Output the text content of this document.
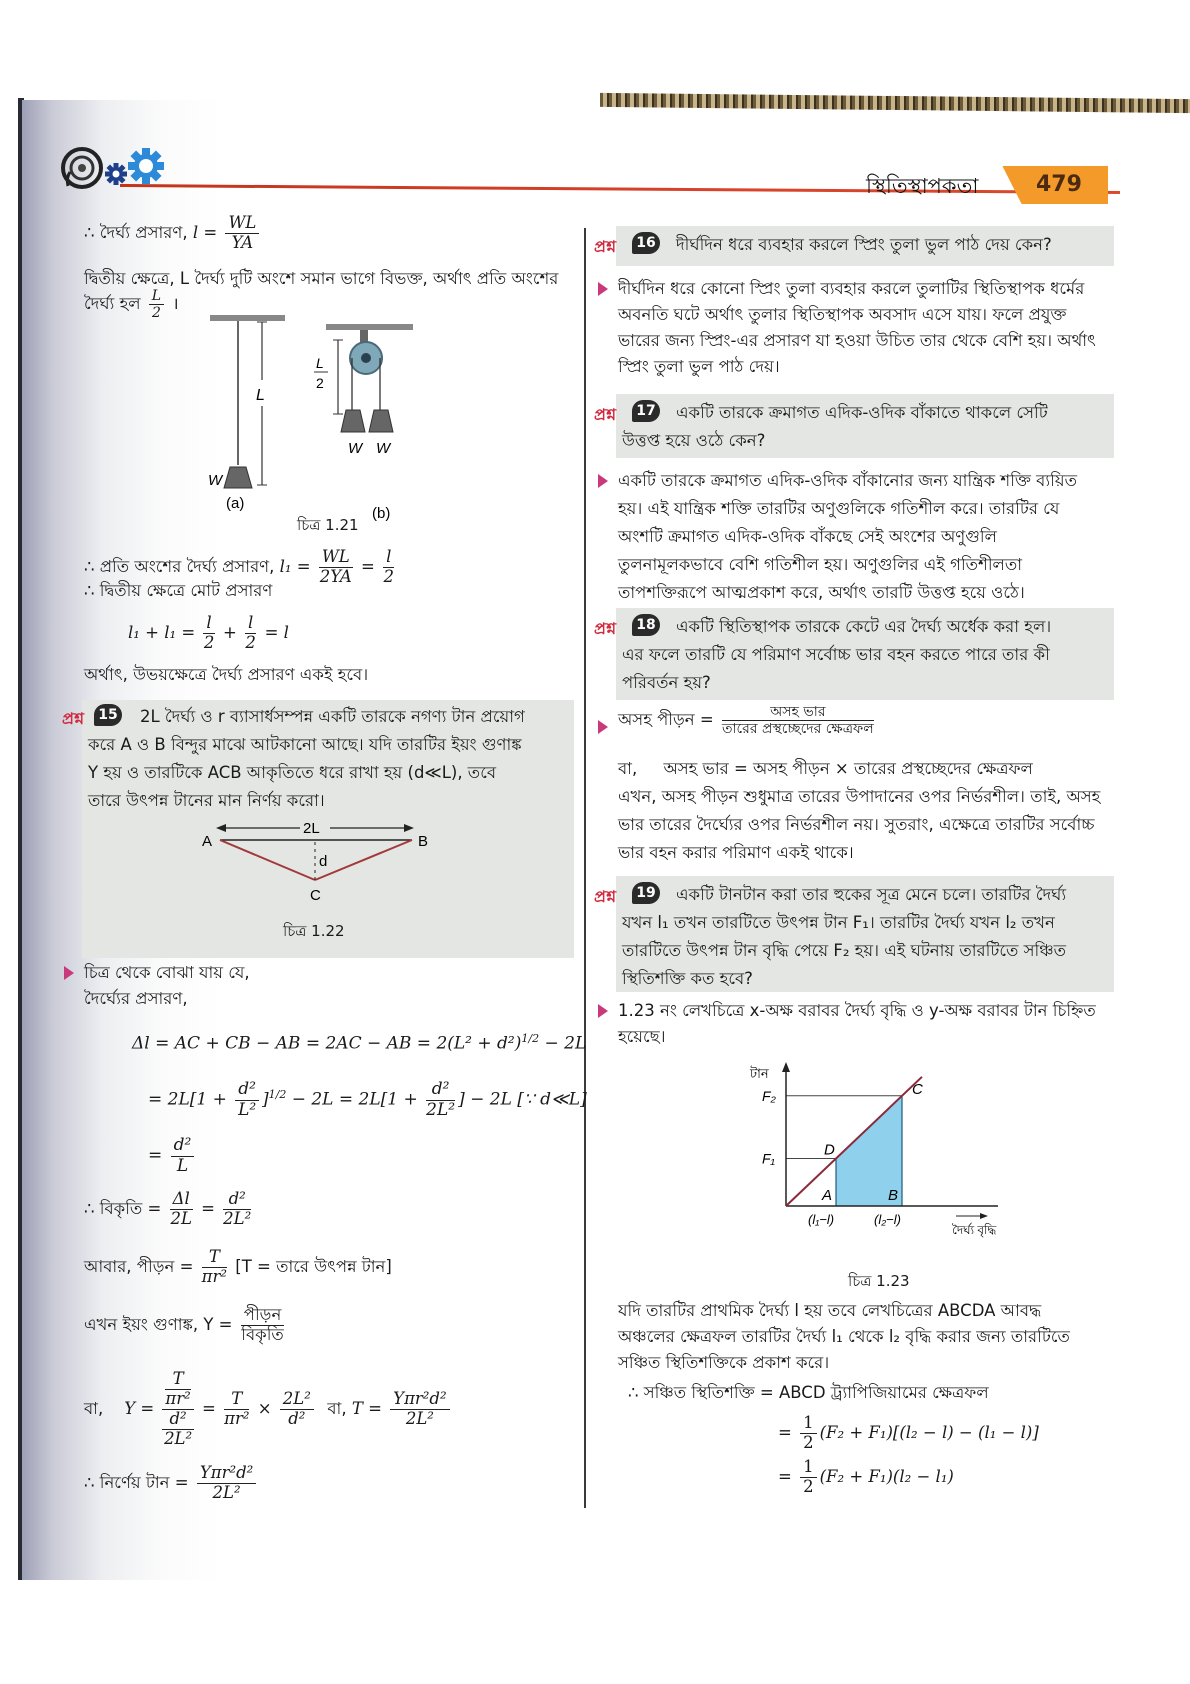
স্থিতিস্থাপকতা	479
∴ দৈর্ঘ্য প্রসারণ, $l = \frac{WL}{YA}$
দ্বিতীয় ক্ষেত্রে, L দৈর্ঘ্য দুটি অংশে সমান ভাগে বিভক্ত, অর্থাৎ প্রতি অংশের
দৈর্ঘ্য হল $\frac{L}{2}$ ।
L
W
(a)
L
2
W W
(b)
চিত্র 1.21
∴ প্রতি অংশের দৈর্ঘ্য প্রসারণ, $l_1 = \frac{WL}{2YA} = \frac{l}{2}$
∴ দ্বিতীয় ক্ষেত্রে মোট প্রসারণ
$l_1 + l_1 = \frac{l}{2} + \frac{l}{2} = l$
অর্থাৎ, উভয়ক্ষেত্রে দৈর্ঘ্য প্রসারণ একই হবে।
প্রশ্ন	15 2L দৈর্ঘ্য ও r ব্যাসার্ধসম্পন্ন একটি তারকে নগণ্য টান প্রয়োগ
করে A ও B বিন্দুর মাঝে আটকানো আছে। যদি তারটির ইয়ং গুণাঙ্ক
Y হয় ও তারটিকে ACB আকৃতিতে ধরে রাখা হয় (d≪L), তবে
তারে উৎপন্ন টানের মান নির্ণয় করো।
2L
A	B
d
C
চিত্র 1.22
চিত্র থেকে বোঝা যায় যে,
দৈর্ঘ্যের প্রসারণ,
Δl = AC + CB − AB = 2AC − AB = $2(L^2 + d^2)^{1/2} - 2L$
= $2L[1 + \frac{\text{d²}}{\text{L²}} ]^{1/2} - 2L = 2L[1 + \frac{\text{d²}}{\text{2L²}}$ ] − 2L [∵ d≪L]
= $\frac{\text{d²}}{L}$
∴ বিকৃতি = $\frac{\Delta l}{2L} = \frac{\text{d²}}{\text{2L²}}$
আবার, পীড়ন = $\frac{T}{\text{πr²}} [T$ = তারে উৎপন্ন টান]
এখন ইয়ং গুণাঙ্ক, $Y = \frac{\text{পীড়ন}}{\text{বিকৃতি}}$
বা, Y = T
πr²
d²
$2L^2 = \frac{T}{\text{πr²}} \times \frac{\text{2L²}}{\text{d²}}$ বা, $T = \frac{\text{Yπr²d²}}{\text{2L²}}$
∴ নির্ণেয় টান = $\frac{\text{Yπr²d²}}{\text{2L²}}$
প্রশ্ন	16 দীর্ঘদিন ধরে ব্যবহার করলে স্প্রিং তুলা ভুল পাঠ দেয় কেন?
দীর্ঘদিন ধরে কোনো স্প্রিং তুলা ব্যবহার করলে তুলাটির স্থিতিস্থাপক ধর্মের
অবনতি ঘটে অর্থাৎ তুলার স্থিতিস্থাপক অবসাদ এসে যায়। ফলে প্রযুক্ত
ভারের জন্য স্প্রিং-এর প্রসারণ যা হওয়া উচিত তার থেকে বেশি হয়। অর্থাৎ
স্প্রিং তুলা ভুল পাঠ দেয়।
প্রশ্ন	17 একটি তারকে ক্রমাগত এদিক-ওদিক বাঁকাতে থাকলে সেটি
উত্তপ্ত হয়ে ওঠে কেন?
একটি তারকে ক্রমাগত এদিক-ওদিক বাঁকানোর জন্য যান্ত্রিক শক্তি ব্যয়িত
হয়। এই যান্ত্রিক শক্তি তারটির অণুগুলিকে গতিশীল করে। তারটির যে
অংশটি ক্রমাগত এদিক-ওদিক বাঁকছে সেই অংশের অণুগুলি
তুলনামূলকভাবে বেশি গতিশীল হয়। অণুগুলির এই গতিশীলতা
তাপশক্তিরূপে আত্মপ্রকাশ করে, অর্থাৎ তারটি উত্তপ্ত হয়ে ওঠে।
প্রশ্ন	18 একটি স্থিতিস্থাপক তারকে কেটে এর দৈর্ঘ্য অর্ধেক করা হল।
এর ফলে তারটি যে পরিমাণ সর্বোচ্চ ভার বহন করতে পারে তার কী
পরিবর্তন হয়?
অসহ পীড়ন = $\frac{\text{অসহ ভার}}{\text{তারের প্রস্থচ্ছেদের ক্ষেত্রফল}}$
বা, অসহ ভার = অসহ পীড়ন × তারের প্রস্থচ্ছেদের ক্ষেত্রফল
এখন, অসহ পীড়ন শুধুমাত্র তারের উপাদানের ওপর নির্ভরশীল। তাই, অসহ
ভার তারের দৈর্ঘ্যের ওপর নির্ভরশীল নয়। সুতরাং, এক্ষেত্রে তারটির সর্বোচ্চ
ভার বহন করার পরিমাণ একই থাকে।
প্রশ্ন	19 একটি টানটান করা তার হুকের সূত্র মেনে চলে। তারটির দৈর্ঘ্য
যখন l₁ তখন তারটিতে উৎপন্ন টান F₁। তারটির দৈর্ঘ্য যখন l₂ তখন
তারটিতে উৎপন্ন টান বৃদ্ধি পেয়ে F₂ হয়। এই ঘটনায় তারটিতে সঞ্চিত
স্থিতিশক্তি কত হবে?
1.23 নং লেখচিত্রে x-অক্ষ বরাবর দৈর্ঘ্য বৃদ্ধি ও y-অক্ষ বরাবর টান চিহ্নিত
হয়েছে।
টান
F₂
F₁	D
C
A	B
(l₁−l)	(l₂−l)
দৈর্ঘ্য বৃদ্ধি
চিত্র 1.23
যদি তারটির প্রাথমিক দৈর্ঘ্য l হয় তবে লেখচিত্রের ABCDA আবদ্ধ
অঞ্চলের ক্ষেত্রফল তারটির দৈর্ঘ্য l₁ থেকে l₂ বৃদ্ধি করার জন্য তারটিতে
সঞ্চিত স্থিতিশক্তিকে প্রকাশ করে।
∴ সঞ্চিত স্থিতিশক্তি = ABCD ট্র্যাপিজিয়ামের ক্ষেত্রফল
= $\frac{1}{2} (F_2 + F_1)[(l_2 - l) - (l_1 - l)]$
= $\frac{1}{2} (F_2 + F_1)(l_2 - l_1)$
